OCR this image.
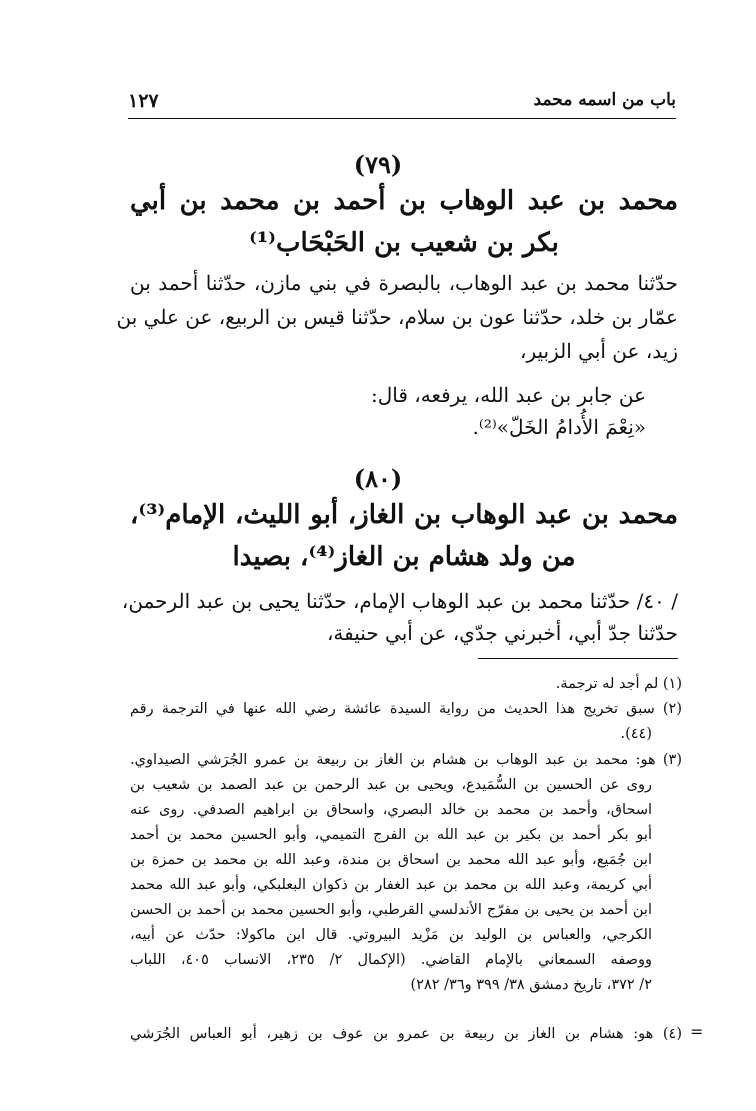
باب من اسمه محمد
١٢٧
(٧٩)
محمد بن عبد الوهاب بن أحمد بن محمد بن أبي بكر بن شعيب بن الحَبْحَاب⁽¹⁾
حدّثنا محمد بن عبد الوهاب، بالبصرة في بني مازن، حدّثنا أحمد بن
عمّار بن خلد، حدّثنا عون بن سلام، حدّثنا قيس بن الربيع، عن علي بن
زيد، عن أبي الزبير،
عن جابر بن عبد الله، يرفعه، قال:
«نِعْمَ الأُدامُ الخَلّ»⁽²⁾.
(٨٠)
محمد بن عبد الوهاب بن الغاز، أبو الليث، الإمام⁽³⁾، من ولد هشام بن الغاز⁽⁴⁾، بصيدا
/ ٤٠/ حدّثنا محمد بن عبد الوهاب الإمام، حدّثنا يحيى بن عبد الرحمن،
حدّثنا جدّ أبي، أخبرني جدّي، عن أبي حنيفة،
(١) لم أجد له ترجمة.
(٢) سبق تخريج هذا الحديث من رواية السيدة عائشة رضي الله عنها في الترجمة رقم
(٤٤).
(٣) هو: محمد بن عبد الوهاب بن هشام بن الغاز بن ربيعة بن عمرو الجُرَشي الصيداوي.
روى عن الحسين بن السُّمَيدع، ويحيى بن عبد الرحمن بن عبد الصمد بن شعيب بن
اسحاق، وأحمد بن محمد بن خالد البصري، واسحاق بن ابراهيم الصدفي. روى عنه
أبو بكر أحمد بن بكير بن عبد الله بن الفرج التميمي، وأبو الحسين محمد بن أحمد
ابن جُمَيع، وأبو عبد الله محمد بن اسحاق بن مندة، وعبد الله بن محمد بن حمزة بن
أبي كريمة، وعبد الله بن محمد بن عبد الغفار بن ذكوان البعلبكي، وأبو عبد الله محمد
ابن أحمد بن يحيى بن مفرّج الأندلسي القرطبي، وأبو الحسين محمد بن أحمد بن الحسن
الكرجي، والعباس بن الوليد بن مَزْيد البيروتي. قال ابن ماكولا: حدّث عن أبيه،
ووصفه السمعاني بالإمام القاضي. (الإكمال ٢/ ٢٣٥، الانساب ٤٠٥، اللباب
٢/ ٣٧٢، تاريخ دمشق ٣٨/ ٣٩٩ و٣٦/ ٢٨٢)
(٤) هو: هشام بن الغاز بن ربيعة بن عمرو بن عوف بن زهير، أبو العباس الجُرَشي =
